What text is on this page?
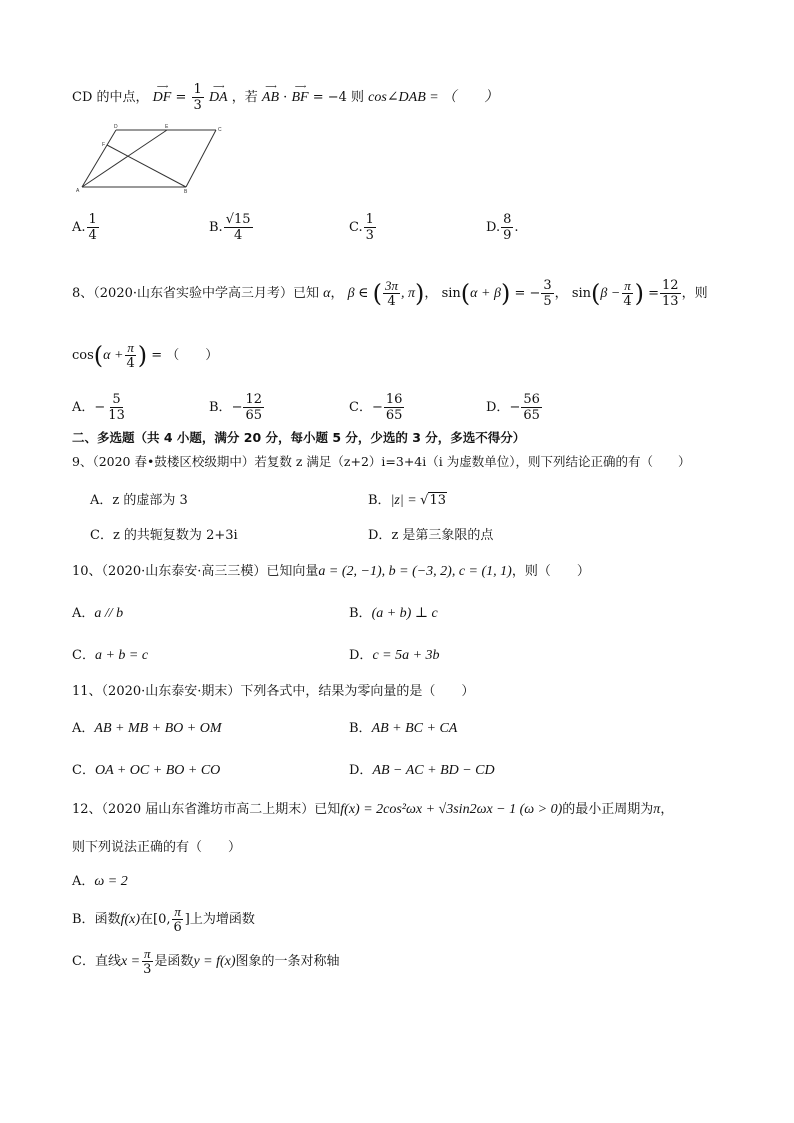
CD 的中点，
⟶
DF = $\frac{1}{3}$
	⟶
DA ，若
⟶
AB ·
⟶
BF = −4 则 cos∠DAB = （　　）
D	E	C
F
A	B
A. $\frac{1}{4}$	B. $\frac{√15}{4}$	C. $\frac{1}{3}$	D. $\frac{8}{9}$ .
8、（2020·山东省实验中学高三月考）已知 α， β ∈ ( $\frac{3\pi}{4}$ , π)， sin(α + β) = − $\frac{3}{5}$ ， $\sin(\beta - \frac{\pi}{4}$ ) = $\frac{12}{13}$ ，则
$\cos(\alpha + \frac{\pi}{4}$ ) = （　　）
A．− $\frac{5}{13}$	B．− $\frac{12}{65}$	C．− $\frac{16}{65}$	D．− $\frac{56}{65}$
二、多选题（共 4 小题，满分 20 分，每小题 5 分，少选的 3 分，多选不得分）
9、（2020 春•鼓楼区校级期中）若复数 z 满足（z+2）i=3+4i（i 为虚数单位），则下列结论正确的有（　　）
A．z 的虚部为 3	B．|z| = √13
C．z 的共轭复数为 2+3i	D．z 是第三象限的点
10、（2020·山东泰安·高三三模）已知向量a = (2, −1), b = (−3, 2), c = (1, 1)，则（　　）
A．a // b	B．(a + b) ⊥ c
C．a + b = c	D．c = 5a + 3b
11、（2020·山东泰安·期末）下列各式中，结果为零向量的是（　　）
A．AB + MB + BO + OM	B．AB + BC + CA
C．OA + OC + BO + CO	D．AB − AC + BD − CD
12、（2020 届山东省潍坊市高二上期末）已知f(x) = 2cos²ωx + √3sin2ωx − 1 (ω > 0)的最小正周期为π，
则下列说法正确的有（　　）
A．ω = 2
B．函数f(x)在[0, $\frac{\pi}{6}$ ]上为增函数
C．直线$x = \frac{\pi}{3}$ 是函数y = f(x)图象的一条对称轴
